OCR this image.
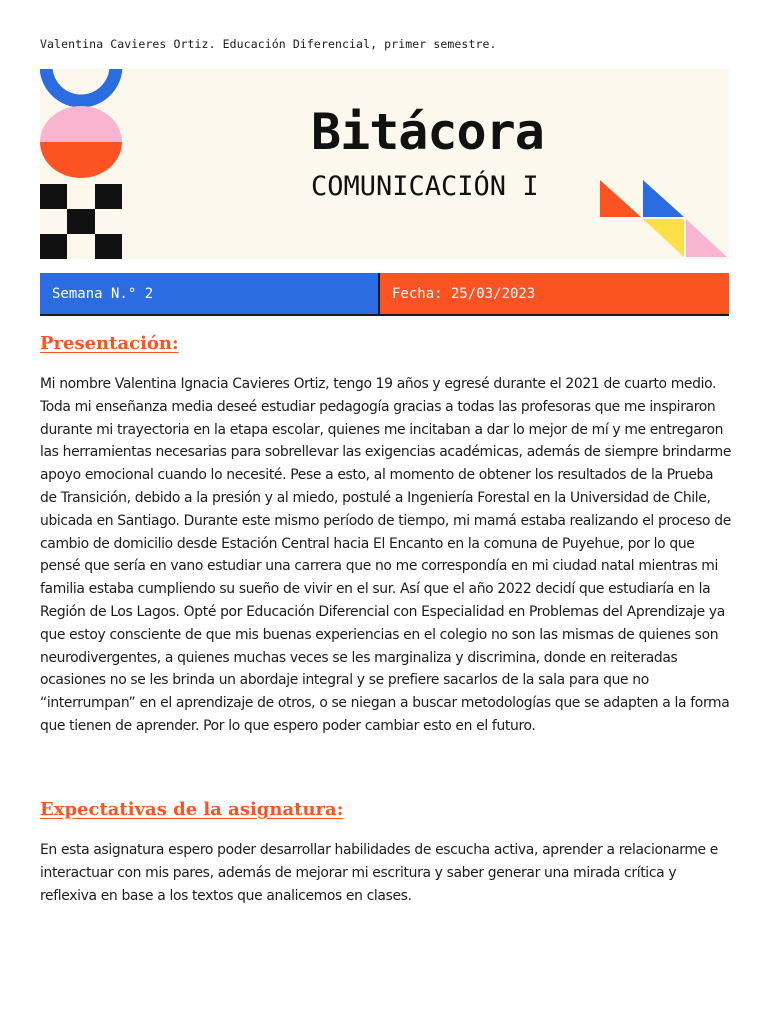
Valentina Cavieres Ortiz. Educación Diferencial, primer semestre.
Bitácora
COMUNICACIÓN I
Semana N.° 2	Fecha: 25/03/2023
Presentación:

Mi nombre Valentina Ignacia Cavieres Ortiz, tengo 19 años y egresé durante el 2021 de cuarto medio. Toda mi enseñanza media deseé estudiar pedagogía gracias a todas las profesoras que me inspiraron durante mi trayectoria en la etapa escolar, quienes me incitaban a dar lo mejor de mí y me entregaron las herramientas necesarias para sobrellevar las exigencias académicas, además de siempre brindarme apoyo emocional cuando lo necesité. Pese a esto, al momento de obtener los resultados de la Prueba de Transición, debido a la presión y al miedo, postulé a Ingeniería Forestal en la Universidad de Chile, ubicada en Santiago. Durante este mismo período de tiempo, mi mamá estaba realizando el proceso de cambio de domicilio desde Estación Central hacia El Encanto en la comuna de Puyehue, por lo que pensé que sería en vano estudiar una carrera que no me correspondía en mi ciudad natal mientras mi familia estaba cumpliendo su sueño de vivir en el sur. Así que el año 2022 decidí que estudiaría en la Región de Los Lagos. Opté por Educación Diferencial con Especialidad en Problemas del Aprendizaje ya que estoy consciente de que mis buenas experiencias en el colegio no son las mismas de quienes son neurodivergentes, a quienes muchas veces se les marginaliza y discrimina, donde en reiteradas ocasiones no se les brinda un abordaje integral y se prefiere sacarlos de la sala para que no “interrumpan” en el aprendizaje de otros, o se niegan a buscar metodologías que se adapten a la forma que tienen de aprender. Por lo que espero poder cambiar esto en el futuro.

Expectativas de la asignatura:

En esta asignatura espero poder desarrollar habilidades de escucha activa, aprender a relacionarme e interactuar con mis pares, además de mejorar mi escritura y saber generar una mirada crítica y reflexiva en base a los textos que analicemos en clases.
